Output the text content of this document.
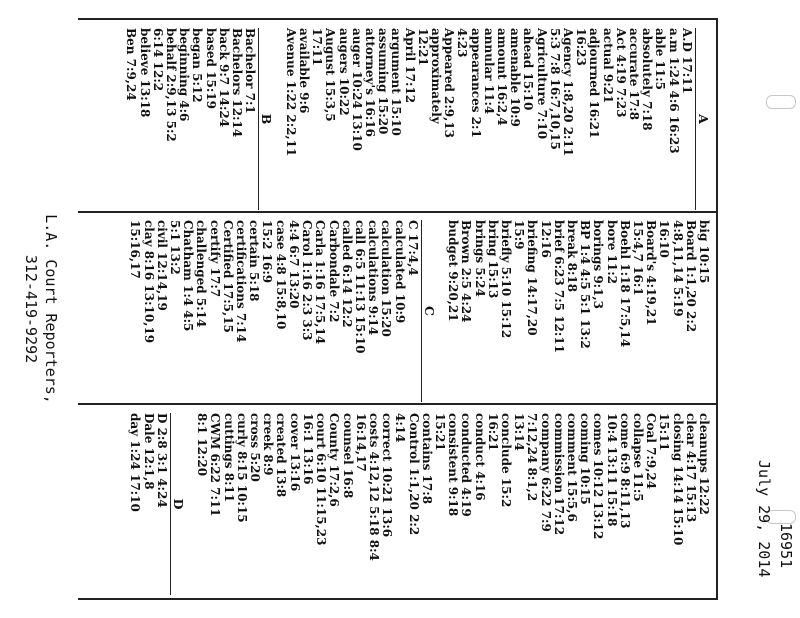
16951
July 29, 2014
A
A.D 17:11
a.m 1:24 4:6 16:23
able 11:5
absolutely 7:18
accurate 17:8
Act 4:19 7:23
actual 9:21
adjourned 16:21
16:23
Agency 1:8,20 2:11
5:3 7:8 16:7,10,15
Agriculture 7:10
ahead 15:10
amenable 10:9
amount 16:2,4
annular 11:4
appearances 2:1
4:23
Appeared 2:9,13
approximately
12:21
April 17:12
argument 15:10
assuming 15:20
attorney's 16:16
auger 10:24 13:10
augers 10:22
August 15:3,5
17:11
available 9:6
Avenue 1:22 2:2,11
B
Bachelor 7:1
Bachelors 12:14
back 9:7 14:24
based 15:19
began 5:12
beginning 4:6
behalf 2:9,13 5:2
6:14 12:2
believe 13:18
Ben 7:9,24
big 10:15
Board 1:1,20 2:2
4:8,11,14 5:19
16:10
Board's 4:19,21
15:4,7 16:1
Boehl 1:18 17:5,14
bore 11:2
borings 9:1,3
BP 1:4 4:5 5:1 13:2
break 8:18
brief 6:23 7:5 12:11
12:16
briefing 14:17,20
15:9
briefly 5:10 15:12
bring 15:13
brings 5:24
Brown 2:5 4:24
budget 9:20,21
C
C 17:4,4
calculated 10:9
calculation 15:20
calculations 9:14
call 6:5 11:13 15:10
called 6:14 12:2
Carbondale 7:2
Carla 1:16 17:5,14
Carol 1:16 2:3 3:3
4:4 6:7 13:20
case 4:8 15:8,10
15:2 16:9
certain 5:18
certifications 7:14
Certified 17:5,15
certify 17:7
challenged 5:14
Chatham 1:4 4:5
5:1 13:2
civil 12:14,19
clay 8:16 13:10,19
15:16,17
cleanups 12:22
clear 4:17 15:13
closing 14:14 15:10
15:11
Coal 7:9,24
collapse 11:5
come 6:9 8:11,13
10:4 13:11 15:18
comes 10:12 13:12
coming 10:15
comment 15:5,6
commission 17:12
company 6:22 7:9
7:12,24 8:1,2
13:14
conclude 15:2
16:21
conduct 4:16
conducted 4:19
consistent 9:18
15:21
contains 17:8
Control 1:1,20 2:2
4:14
correct 10:21 13:6
costs 4:12,12 5:18 8:4
16:14,17
counsel 16:8
County 17:2,6
court 6:10 11:15,23
16:1 13:16
cover 13:16
created 13:8
creek 8:9
cross 5:20
curly 8:15 10:15
cuttings 8:11
CWM 6:22 7:11
8:1 12:20
D
D 2:8 3:1 4:24
Dale 12:1,8
day 1:24 17:10
L.A. Court Reporters,
312-419-9292
